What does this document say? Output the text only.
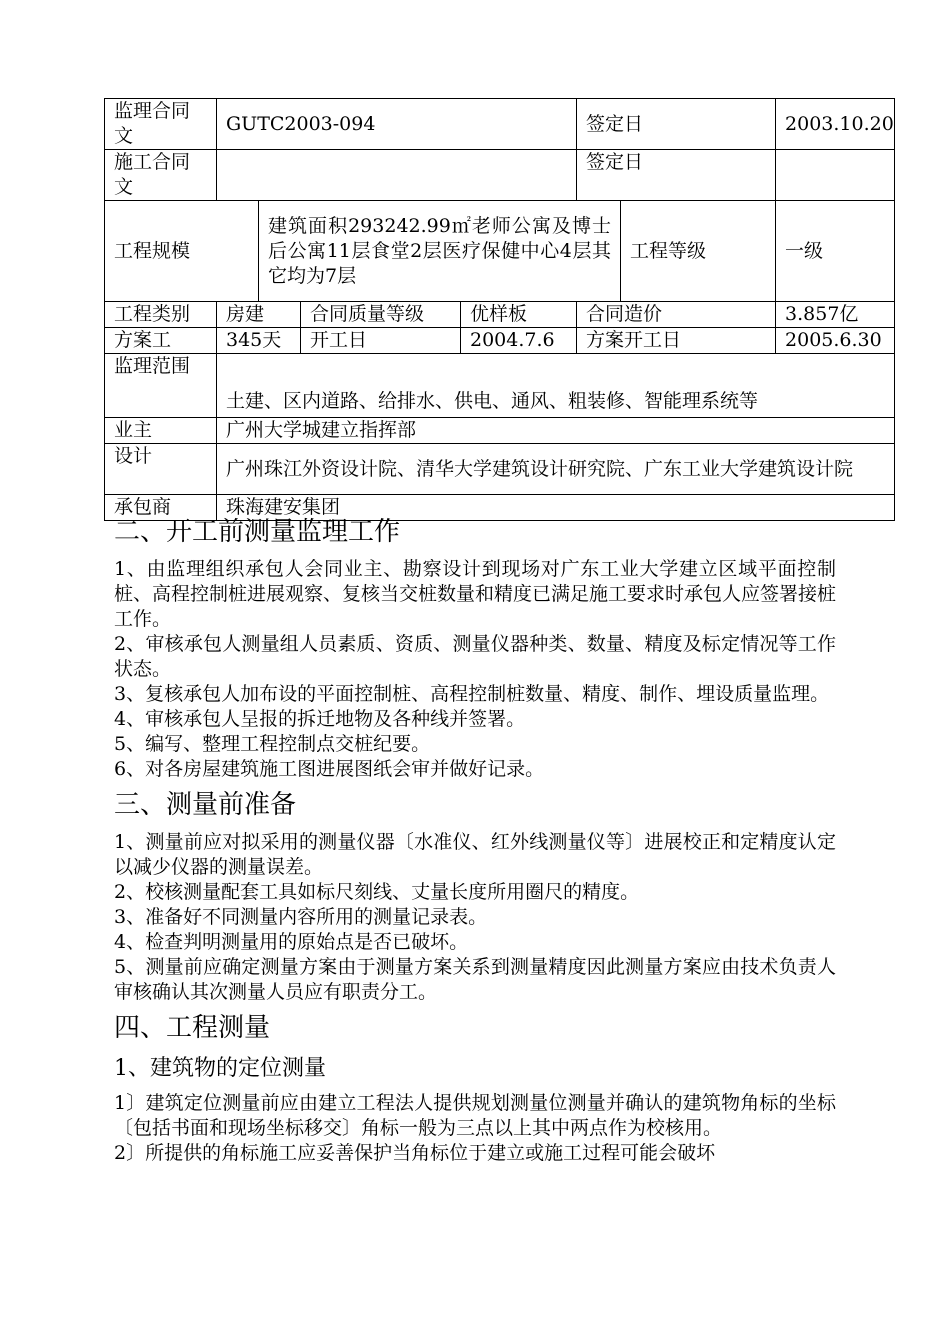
监理合同文	GUTC2003-094				签定日		2003.10.20
施工合同文					签定日		
工程规模		建筑面积293242.99㎡老师公寓及博士后公寓11层食堂2层医疗保健中心4层其它均为7层				工程等级	一级
工程类别	房建		合同质量等级	优样板	合同造价		3.857亿
方案工	345天		开工日	2004.7.6	方案开工日		2005.6.30
监理范围	土建、区内道路、给排水、供电、通风、粗装修、智能理系统等						
业主	广州大学城建立指挥部						
设计	广州珠江外资设计院、清华大学建筑设计研究院、广东工业大学建筑设计院						
承包商	珠海建安集团						
二、开工前测量监理工作

1、由监理组织承包人会同业主、勘察设计到现场对广东工业大学建立区域平面控制桩、高程控制桩进展观察、复核当交桩数量和精度已满足施工要求时承包人应签署接桩工作。

2、审核承包人测量组人员素质、资质、测量仪器种类、数量、精度及标定情况等工作状态。

3、复核承包人加布设的平面控制桩、高程控制桩数量、精度、制作、埋设质量监理。

4、审核承包人呈报的拆迁地物及各种线并签署。

5、编写、整理工程控制点交桩纪要。

6、对各房屋建筑施工图进展图纸会审并做好记录。

三、测量前准备

1、测量前应对拟采用的测量仪器〔水准仪、红外线测量仪等〕进展校正和定精度认定以减少仪器的测量误差。

2、校核测量配套工具如标尺刻线、丈量长度所用圈尺的精度。

3、准备好不同测量内容所用的测量记录表。

4、检查判明测量用的原始点是否已破坏。

5、测量前应确定测量方案由于测量方案关系到测量精度因此测量方案应由技术负责人审核确认其次测量人员应有职责分工。

四、工程测量
1、建筑物的定位测量

1〕建筑定位测量前应由建立工程法人提供规划测量位测量并确认的建筑物角标的坐标〔包括书面和现场坐标移交〕角标一般为三点以上其中两点作为校核用。

2〕所提供的角标施工应妥善保护当角标位于建立或施工过程可能会破坏
